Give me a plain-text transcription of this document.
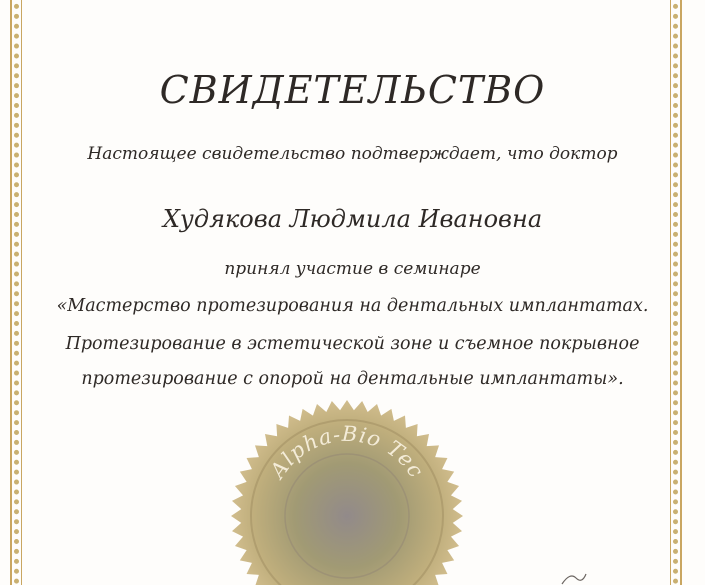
СВИДЕТЕЛЬСТВО
Настоящее свидетельство подтверждает, что доктор
Худякова Людмила Ивановна
принял участие в семинаре
«Мастерство протезирования на дентальных имплантатах.
Протезирование в эстетической зоне и съемное покрывное
протезирование с опорой на дентальные имплантаты».
Alpha-Bio Tec
